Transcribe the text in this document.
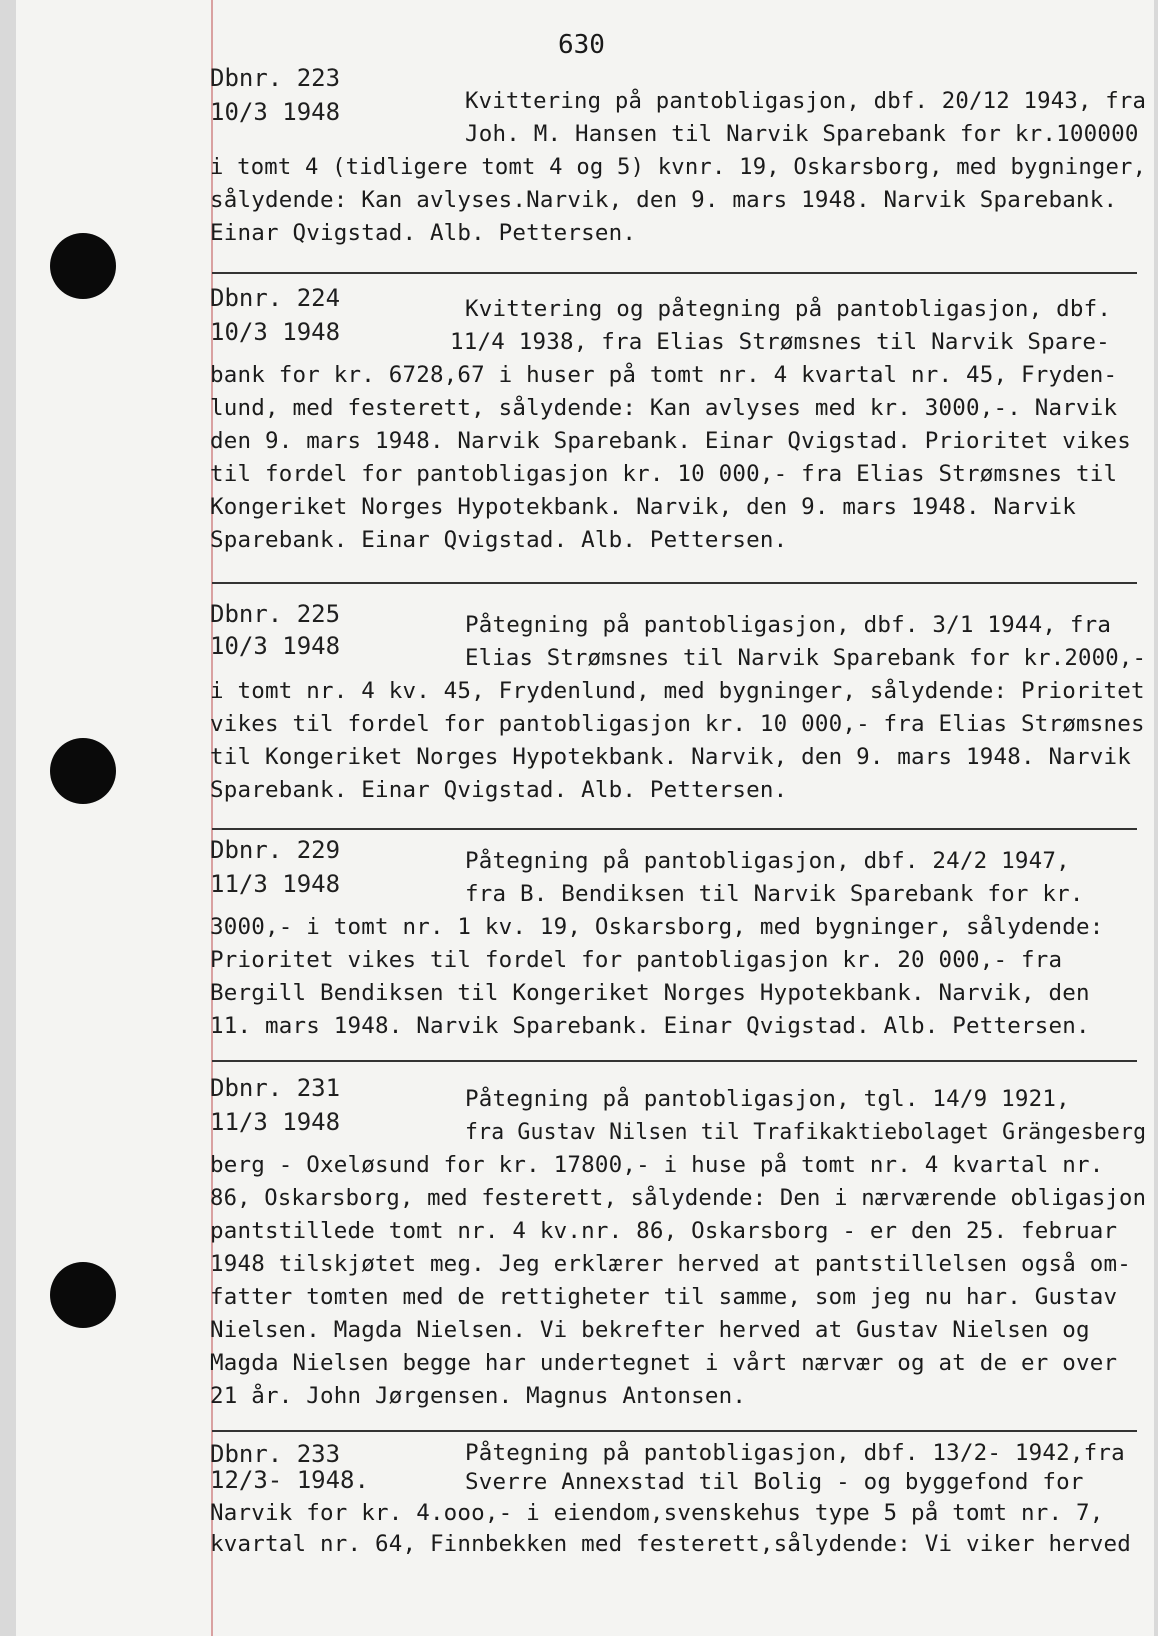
630
Dbnr. 223
10/3 1948	Kvittering på pantobligasjon, dbf. 20/12 1943, fra
Joh. M. Hansen til Narvik Sparebank for kr.100000
i tomt 4 (tidligere tomt 4 og 5) kvnr. 19, Oskarsborg, med bygninger,
sålydende: Kan avlyses.Narvik, den 9. mars 1948. Narvik Sparebank.
Einar Qvigstad. Alb. Pettersen.
Dbnr. 224
10/3 1948
Kvittering og påtegning på pantobligasjon, dbf.
11/4 1938, fra Elias Strømsnes til Narvik Spare-
bank for kr. 6728,67 i huser på tomt nr. 4 kvartal nr. 45, Fryden-
lund, med festerett, sålydende: Kan avlyses med kr. 3000,-. Narvik
den 9. mars 1948. Narvik Sparebank. Einar Qvigstad. Prioritet vikes
til fordel for pantobligasjon kr. 10 000,- fra Elias Strømsnes til
Kongeriket Norges Hypotekbank. Narvik, den 9. mars 1948. Narvik
Sparebank. Einar Qvigstad. Alb. Pettersen.
Dbnr. 225
10/3 1948
Påtegning på pantobligasjon, dbf. 3/1 1944, fra
Elias Strømsnes til Narvik Sparebank for kr.2000,-
i tomt nr. 4 kv. 45, Frydenlund, med bygninger, sålydende: Prioritet
vikes til fordel for pantobligasjon kr. 10 000,- fra Elias Strømsnes
til Kongeriket Norges Hypotekbank. Narvik, den 9. mars 1948. Narvik
Sparebank. Einar Qvigstad. Alb. Pettersen.
Dbnr. 229
11/3 1948
Påtegning på pantobligasjon, dbf. 24/2 1947,
fra B. Bendiksen til Narvik Sparebank for kr.
3000,- i tomt nr. 1 kv. 19, Oskarsborg, med bygninger, sålydende:
Prioritet vikes til fordel for pantobligasjon kr. 20 000,- fra
Bergill Bendiksen til Kongeriket Norges Hypotekbank. Narvik, den
11. mars 1948. Narvik Sparebank. Einar Qvigstad. Alb. Pettersen.
Dbnr. 231
11/3 1948
Påtegning på pantobligasjon, tgl. 14/9 1921,
fra Gustav Nilsen til Trafikaktiebolaget Grängesberg
berg - Oxeløsund for kr. 17800,- i huse på tomt nr. 4 kvartal nr.
86, Oskarsborg, med festerett, sålydende: Den i nærværende obligasjon
pantstillede tomt nr. 4 kv.nr. 86, Oskarsborg - er den 25. februar
1948 tilskjøtet meg. Jeg erklærer herved at pantstillelsen også om-
fatter tomten med de rettigheter til samme, som jeg nu har. Gustav
Nielsen. Magda Nielsen. Vi bekrefter herved at Gustav Nielsen og
Magda Nielsen begge har undertegnet i vårt nærvær og at de er over
21 år. John Jørgensen. Magnus Antonsen.
Dbnr. 233
12/3- 1948.
Påtegning på pantobligasjon, dbf. 13/2- 1942,fra
Sverre Annexstad til Bolig - og byggefond for
Narvik for kr. 4.ooo,- i eiendom,svenskehus type 5 på tomt nr. 7,
kvartal nr. 64, Finnbekken med festerett,sålydende: Vi viker herved
